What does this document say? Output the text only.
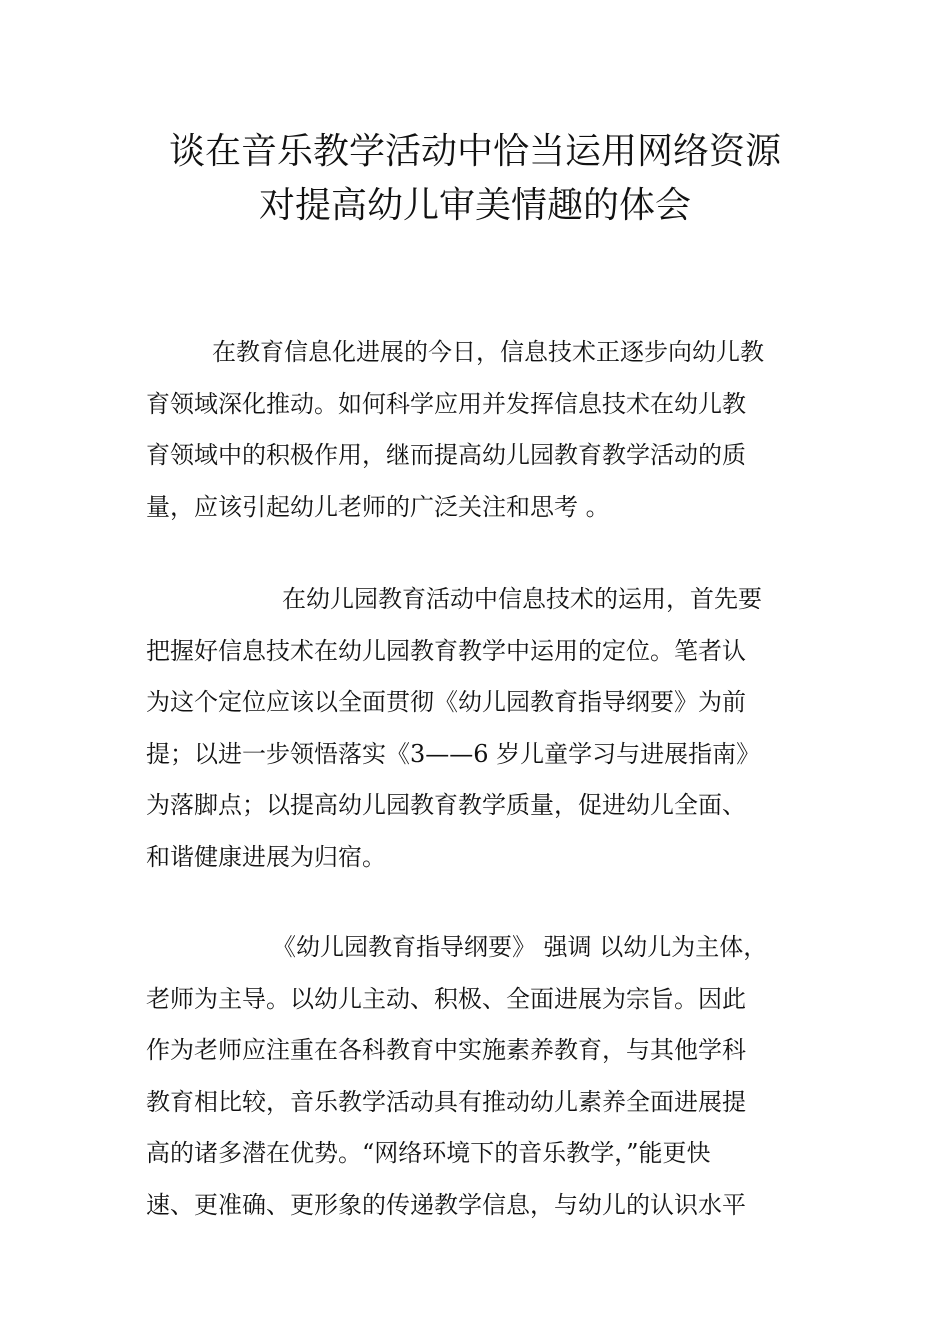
谈在音乐教学活动中恰当运用网络资源
对提高幼儿审美情趣的体会
在教育信息化进展的今日，信息技术正逐步向幼儿教
育领域深化推动。如何科学应用并发挥信息技术在幼儿教
育领域中的积极作用，继而提高幼儿园教育教学活动的质
量，应该引起幼儿老师的广泛关注和思考 。
在幼儿园教育活动中信息技术的运用，首先要
把握好信息技术在幼儿园教育教学中运用的定位。笔者认
为这个定位应该以全面贯彻《幼儿园教育指导纲要》为前
提；以进一步领悟落实《3——6 岁儿童学习与进展指南》
为落脚点；以提高幼儿园教育教学质量，促进幼儿全面、
和谐健康进展为归宿。
《幼儿园教育指导纲要》 强调 以幼儿为主体，
老师为主导。以幼儿主动、积极、全面进展为宗旨。因此
作为老师应注重在各科教育中实施素养教育，与其他学科
教育相比较，音乐教学活动具有推动幼儿素养全面进展提
高的诸多潜在优势。“网络环境下的音乐教学，”能更快
速、更准确、更形象的传递教学信息，与幼儿的认识水平
